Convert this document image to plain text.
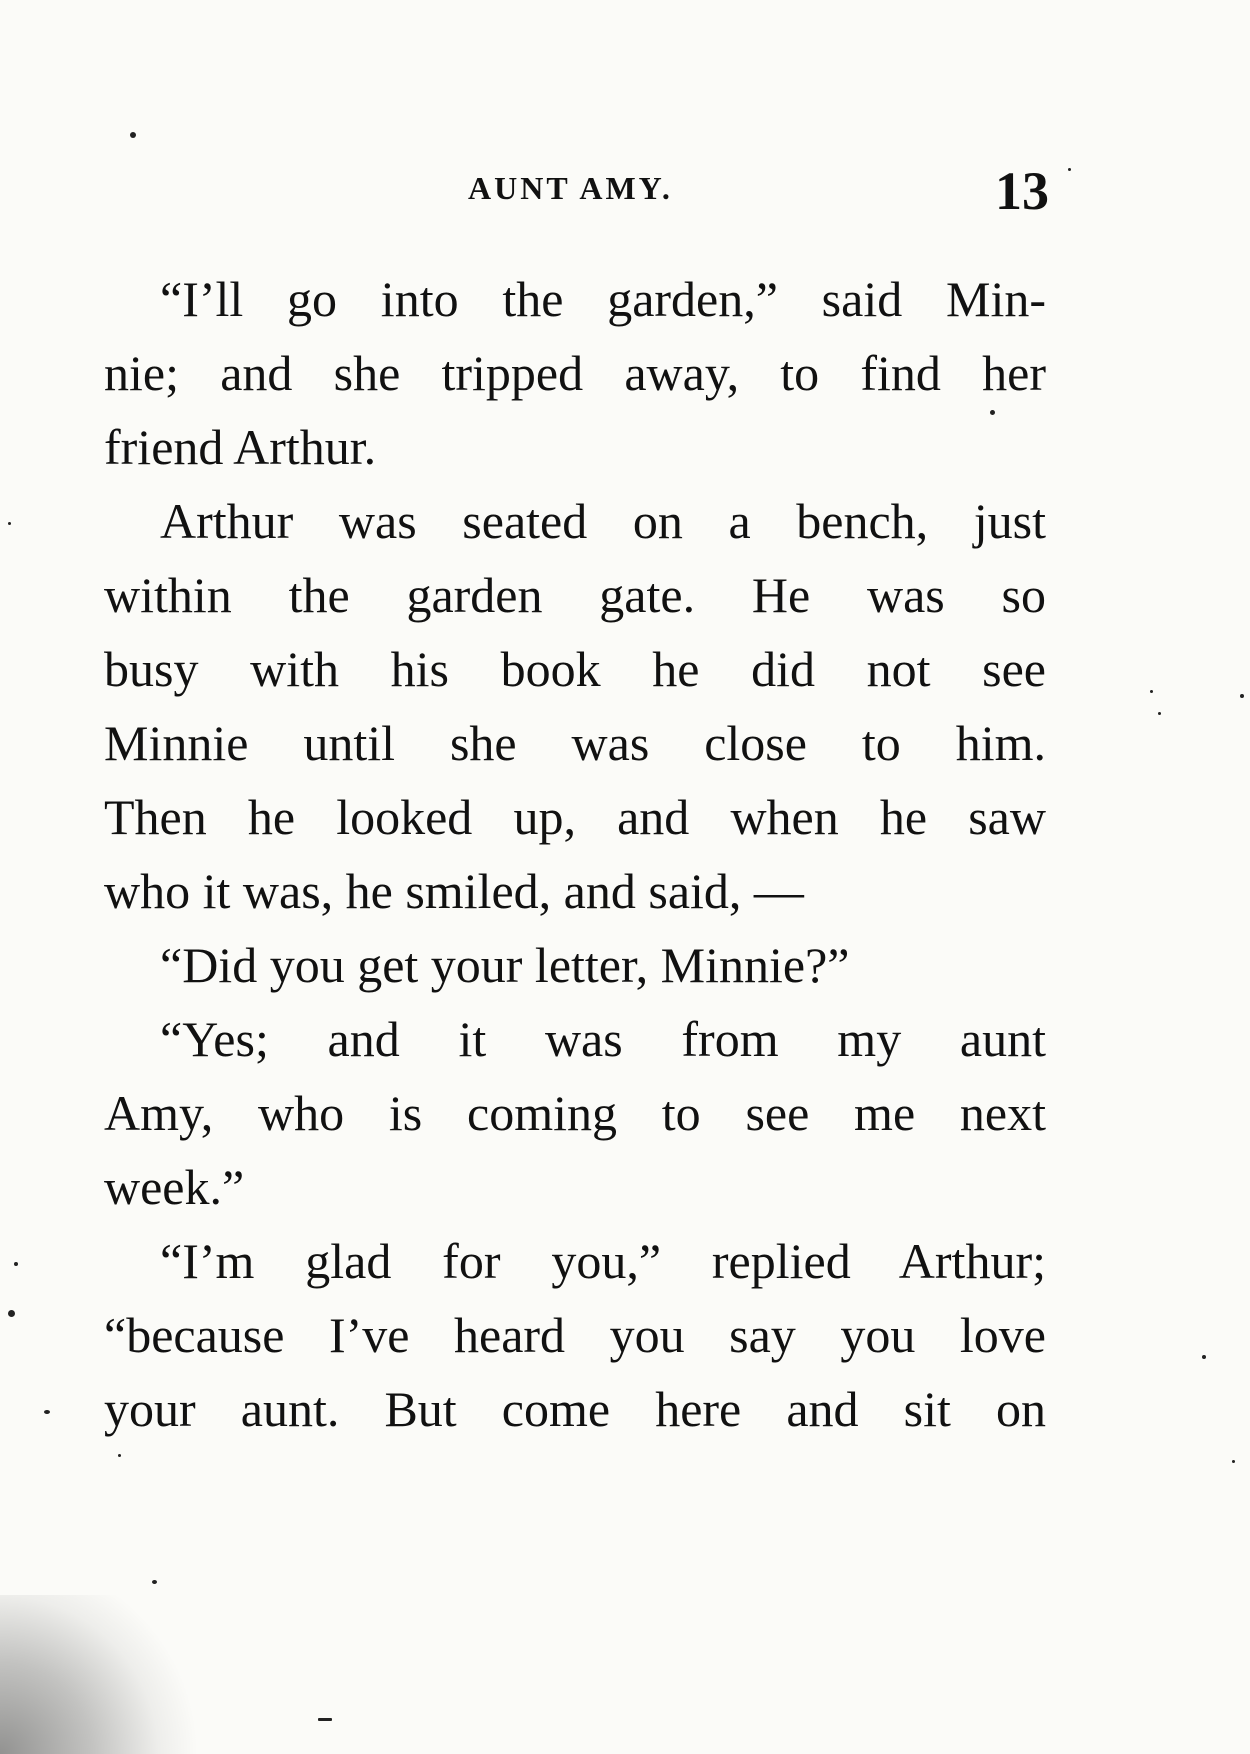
AUNT AMY.	13
“I’ll go into the garden,” said Min-
nie; and she tripped away, to find her
friend Arthur.
Arthur was seated on a bench, just
within the garden gate. He was so
busy with his book he did not see
Minnie until she was close to him.
Then he looked up, and when he saw
who it was, he smiled, and said, —
“Did you get your letter, Minnie?”
“Yes; and it was from my aunt
Amy, who is coming to see me next
week.”
“I’m glad for you,” replied Arthur;
“because I’ve heard you say you love
your aunt. But come here and sit on
